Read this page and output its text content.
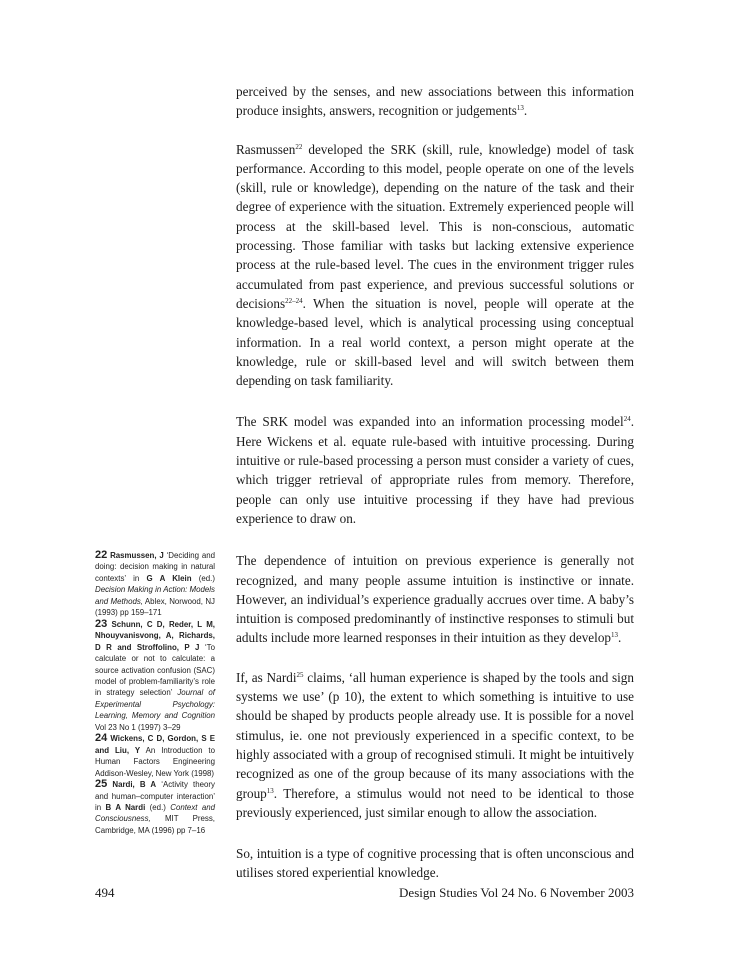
perceived by the senses, and new associations between this information produce insights, answers, recognition or judgements$^{13}$.

Rasmussen$^{22}$ developed the SRK (skill, rule, knowledge) model of task performance. According to this model, people operate on one of the levels (skill, rule or knowledge), depending on the nature of the task and their degree of experience with the situation. Extremely experienced people will process at the skill-based level. This is non-conscious, automatic processing. Those familiar with tasks but lacking extensive experience process at the rule-based level. The cues in the environment trigger rules accumulated from past experience, and previous successful solutions or decisions$^{22-24}$. When the situation is novel, people will operate at the knowledge-based level, which is analytical processing using conceptual information. In a real world context, a person might operate at the knowledge, rule or skill-based level and will switch between them depending on task familiarity.

The SRK model was expanded into an information processing model$^{24}$. Here Wickens et al. equate rule-based with intuitive processing. During intuitive or rule-based processing a person must consider a variety of cues, which trigger retrieval of appropriate rules from memory. Therefore, people can only use intuitive processing if they have had previous experience to draw on.

The dependence of intuition on previous experience is generally not recognized, and many people assume intuition is instinctive or innate. However, an individual’s experience gradually accrues over time. A baby’s intuition is composed predominantly of instinctive responses to stimuli but adults include more learned responses in their intuition as they develop$^{13}$.

If, as Nardi$^{25}$ claims, ‘all human experience is shaped by the tools and sign systems we use’ (p 10), the extent to which something is intuitive to use should be shaped by products people already use. It is possible for a novel stimulus, ie. one not previously experienced in a specific context, to be highly associated with a group of recognised stimuli. It might be intuitively recognized as one of the group because of its many associations with the group$^{13}$. Therefore, a stimulus would not need to be identical to those previously experienced, just similar enough to allow the association.

So, intuition is a type of cognitive processing that is often unconscious and utilises stored experiential knowledge.

22 Rasmussen, J ‘Deciding and doing: decision making in natural contexts’ in G A Klein (ed.) Decision Making in Action: Models and Methods, Ablex, Norwood, NJ (1993) pp 159–171

23 Schunn, C D, Reder, L M, Nhouyvanisvong, A, Richards, D R and Stroffolino, P J ‘To calculate or not to calculate: a source activation confusion (SAC) model of problem-familiarity’s role in strategy selection’ Journal of Experimental Psychology: Learning, Memory and Cognition Vol 23 No 1 (1997) 3–29

24 Wickens, C D, Gordon, S E and Liu, Y An Introduction to Human Factors Engineering Addison-Wesley, New York (1998)

25 Nardi, B A ‘Activity theory and human–computer interaction’ in B A Nardi (ed.) Context and Consciousness, MIT Press, Cambridge, MA (1996) pp 7–16

494	Design Studies Vol 24 No. 6 November 2003
